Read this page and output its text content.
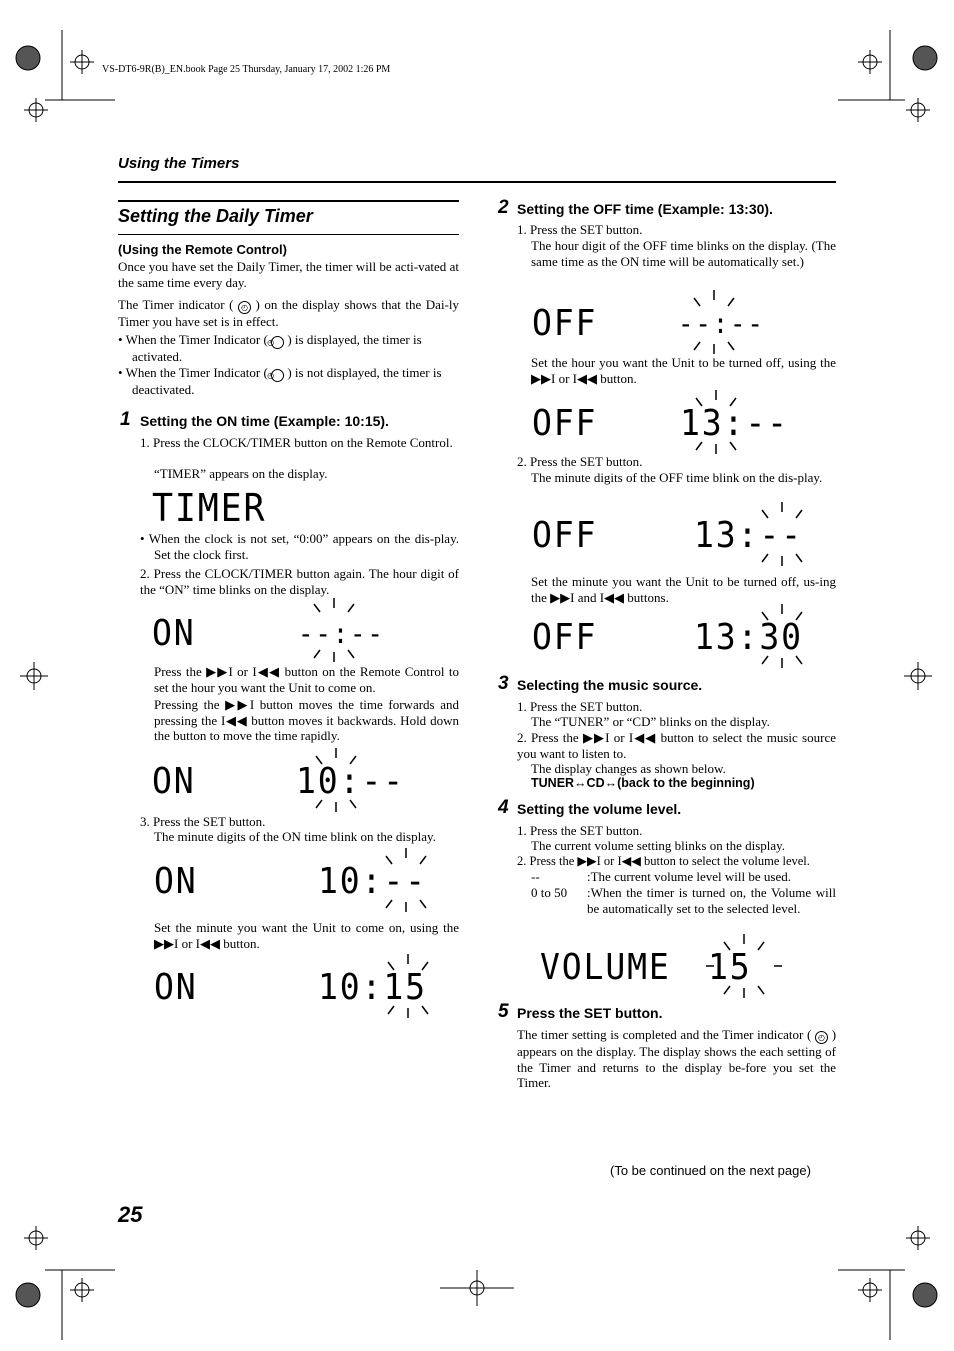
VS-DT6-9R(B)_EN.book Page 25 Thursday, January 17, 2002 1:26 PM
Using the Timers
Setting the Daily Timer
(Using the Remote Control)
Once you have set the Daily Timer, the timer will be acti-vated at the same time every day.
The Timer indicator ( ◴ ) on the display shows that the Dai-ly Timer you have set is in effect.
• When the Timer Indicator ( ◴ ) is displayed, the timer is activated.
• When the Timer Indicator ( ◴ ) is not displayed, the timer is deactivated.
1 Setting the ON time (Example: 10:15).
1. Press the CLOCK/TIMER button on the Remote Control.
“TIMER” appears on the display.
TIMER
• When the clock is not set, “0:00” appears on the dis-play. Set the clock first.
2. Press the CLOCK/TIMER button again. The hour digit of the “ON” time blinks on the display.
ON	--:--
Press the ▶▶I or I◀◀ button on the Remote Control to set the hour you want the Unit to come on.
Pressing the ▶▶I button moves the time forwards and pressing the I◀◀ button moves it backwards. Hold down the button to move the time rapidly.
ON	10:--
3. Press the SET button.
The minute digits of the ON time blink on the display.
ON	10:--
Set the minute you want the Unit to come on, using the ▶▶I or I◀◀ button.
ON	10:15
2 Setting the OFF time (Example: 13:30).
1. Press the SET button.
The hour digit of the OFF time blinks on the display. (The same time as the ON time will be automatically set.)
OFF	--:--
Set the hour you want the Unit to be turned off, using the ▶▶I or I◀◀ button.
OFF 13:--
2. Press the SET button.
The minute digits of the OFF time blink on the dis-play.
OFF	13:--
Set the minute you want the Unit to be turned off, us-ing the ▶▶I and I◀◀ buttons.
OFF	13:30
3 Selecting the music source.
1. Press the SET button.
The “TUNER” or “CD” blinks on the display.
2. Press the ▶▶I or I◀◀ button to select the music source you want to listen to.
The display changes as shown below.
TUNER↔CD↔(back to the beginning)
4 Setting the volume level.
1. Press the SET button.
The current volume setting blinks on the display.
2. Press the ▶▶I or I◀◀ button to select the volume level.
--	:The current volume level will be used.
0 to 50 :When the timer is turned on, the Volume will be automatically set to the selected level.
VOLUME 15
5 Press the SET button.
The timer setting is completed and the Timer indicator ( ◴ ) appears on the display. The display shows the each setting of the Timer and returns to the display be-fore you set the Timer.
(To be continued on the next page)
25
